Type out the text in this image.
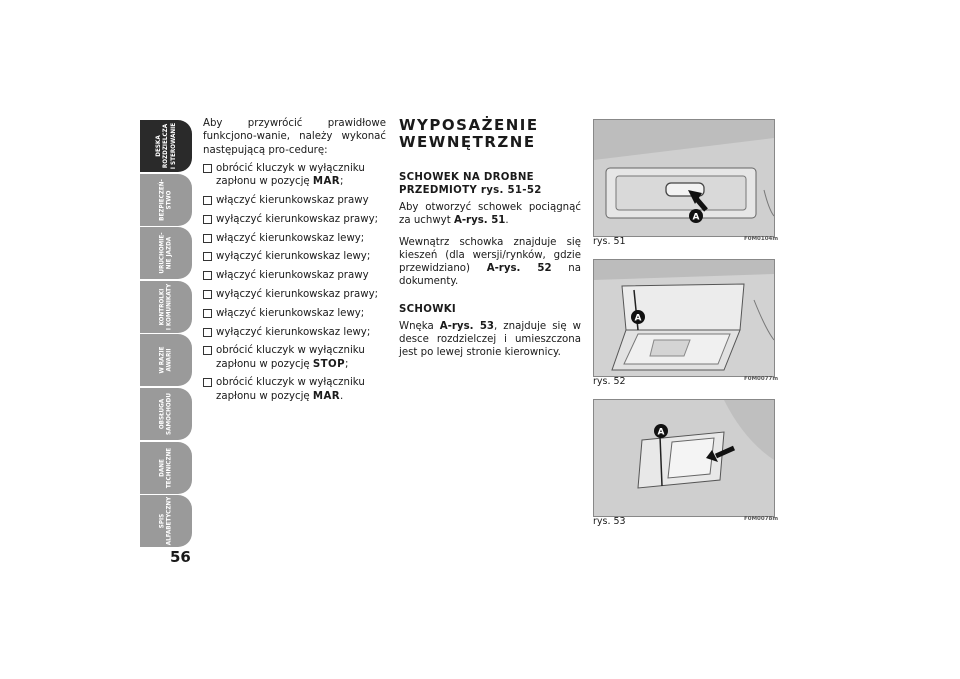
DESKA
ROZDZIELCZA
I STEROWANIE
BEZPIECZEŃ-
STWO
URUCHOMIE-
NIE JAZDA
KONTROLKI
I KOMUNIKATY
W RAZIE
AWARII
OBSŁUGA
SAMOCHODU
DANE
TECHNICZNE
SPIS
ALFABETYCZNY
56

Aby przywrócić prawidłowe funkcjono-wanie, należy wykonać następującą pro-cedurę:

obrócić kluczyk w wyłączniku zapłonu w pozycję MAR;
włączyć kierunkowskaz prawy
wyłączyć kierunkowskaz prawy;
włączyć kierunkowskaz lewy;
wyłączyć kierunkowskaz lewy;
włączyć kierunkowskaz prawy
wyłączyć kierunkowskaz prawy;
włączyć kierunkowskaz lewy;
wyłączyć kierunkowskaz lewy;
obrócić kluczyk w wyłączniku zapłonu w pozycję STOP;
obrócić kluczyk w wyłączniku zapłonu w pozycję MAR.
WYPOSAŻENIE
WEWNĘTRZNE
SCHOWEK NA DROBNE PRZEDMIOTY rys. 51-52

Aby otworzyć schowek pociągnąć za uchwyt A-rys. 51.

Wewnątrz schowka znajduje się kieszeń (dla wersji/rynków, gdzie przewidziano) A-rys. 52 na dokumenty.

SCHOWKI

Wnęka A-rys. 53, znajduje się w desce rozdzielczej i umieszczona jest po lewej stronie kierownicy.

A
rys. 51	F0M0104m
A
rys. 52	F0M0077m
A
rys. 53	F0M0078m
